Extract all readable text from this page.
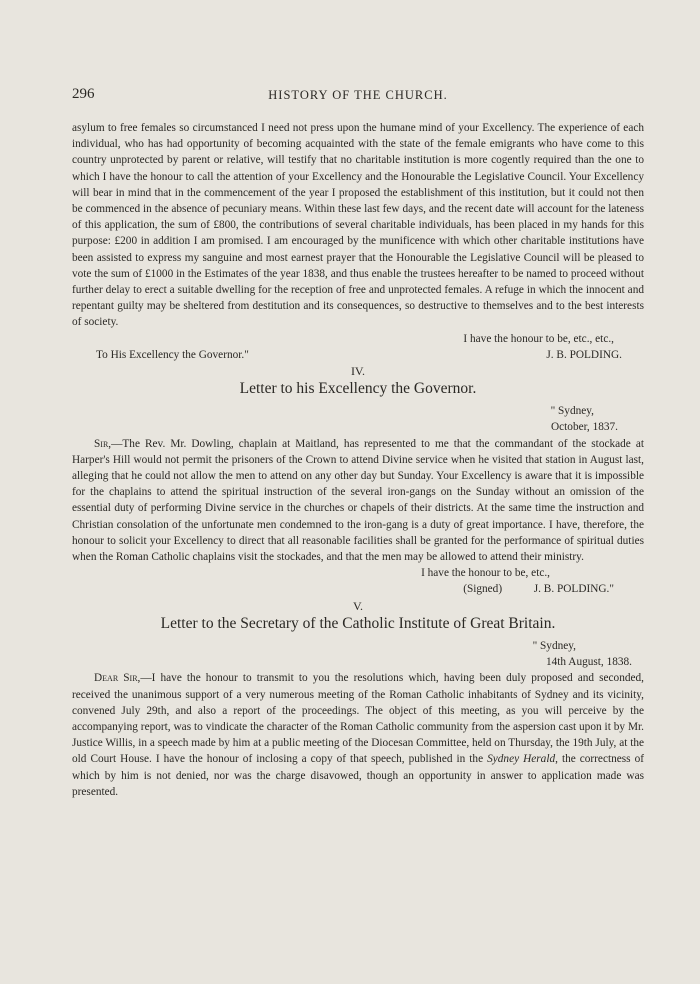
296	HISTORY OF THE CHURCH.

asylum to free females so circumstanced I need not press upon the humane mind of your Excellency. The experience of each individual, who has had opportunity of becoming acquainted with the state of the female emigrants who have come to this country unprotected by parent or relative, will testify that no charitable institution is more cogently required than the one to which I have the honour to call the attention of your Excellency and the Honourable the Legislative Council. Your Excellency will bear in mind that in the commencement of the year I proposed the establishment of this institution, but it could not then be commenced in the absence of pecuniary means. Within these last few days, and the recent date will account for the lateness of this application, the sum of £800, the contributions of several charitable individuals, has been placed in my hands for this purpose: £200 in addition I am promised. I am encouraged by the munificence with which other charitable institutions have been assisted to express my sanguine and most earnest prayer that the Honourable the Legislative Council will be pleased to vote the sum of £1000 in the Estimates of the year 1838, and thus enable the trustees hereafter to be named to proceed without further delay to erect a suitable dwelling for the reception of free and unprotected females. A refuge in which the innocent and repentant guilty may be sheltered from destitution and its consequences, so destructive to themselves and to the best interests of society.

I have the honour to be, etc., etc.,

To His Excellency the Governor."	J. B. POLDING.

IV.

Letter to his Excellency the Governor.

" Sydney,

October, 1837.

Sir,—The Rev. Mr. Dowling, chaplain at Maitland, has represented to me that the commandant of the stockade at Harper's Hill would not permit the prisoners of the Crown to attend Divine service when he visited that station in August last, alleging that he could not allow the men to attend on any other day but Sunday. Your Excellency is aware that it is impossible for the chaplains to attend the spiritual instruction of the several iron-gangs on the Sunday without an omission of the essential duty of performing Divine service in the churches or chapels of their districts. At the same time the instruction and Christian consolation of the unfortunate men condemned to the iron-gang is a duty of great importance. I have, therefore, the honour to solicit your Excellency to direct that all reasonable facilities shall be granted for the performance of spiritual duties when the Roman Catholic chaplains visit the stockades, and that the men may be allowed to attend their ministry.

I have the honour to be, etc.,

(Signed)	J. B. POLDING."

V.

Letter to the Secretary of the Catholic Institute of Great Britain.

" Sydney,

14th August, 1838.

Dear Sir,—I have the honour to transmit to you the resolutions which, having been duly proposed and seconded, received the unanimous support of a very numerous meeting of the Roman Catholic inhabitants of Sydney and its vicinity, convened July 29th, and also a report of the proceedings. The object of this meeting, as you will perceive by the accompanying report, was to vindicate the character of the Roman Catholic community from the aspersion cast upon it by Mr. Justice Willis, in a speech made by him at a public meeting of the Diocesan Committee, held on Thursday, the 19th July, at the old Court House. I have the honour of inclosing a copy of that speech, published in the Sydney Herald, the correctness of which by him is not denied, nor was the charge disavowed, though an opportunity in answer to application made was presented.
